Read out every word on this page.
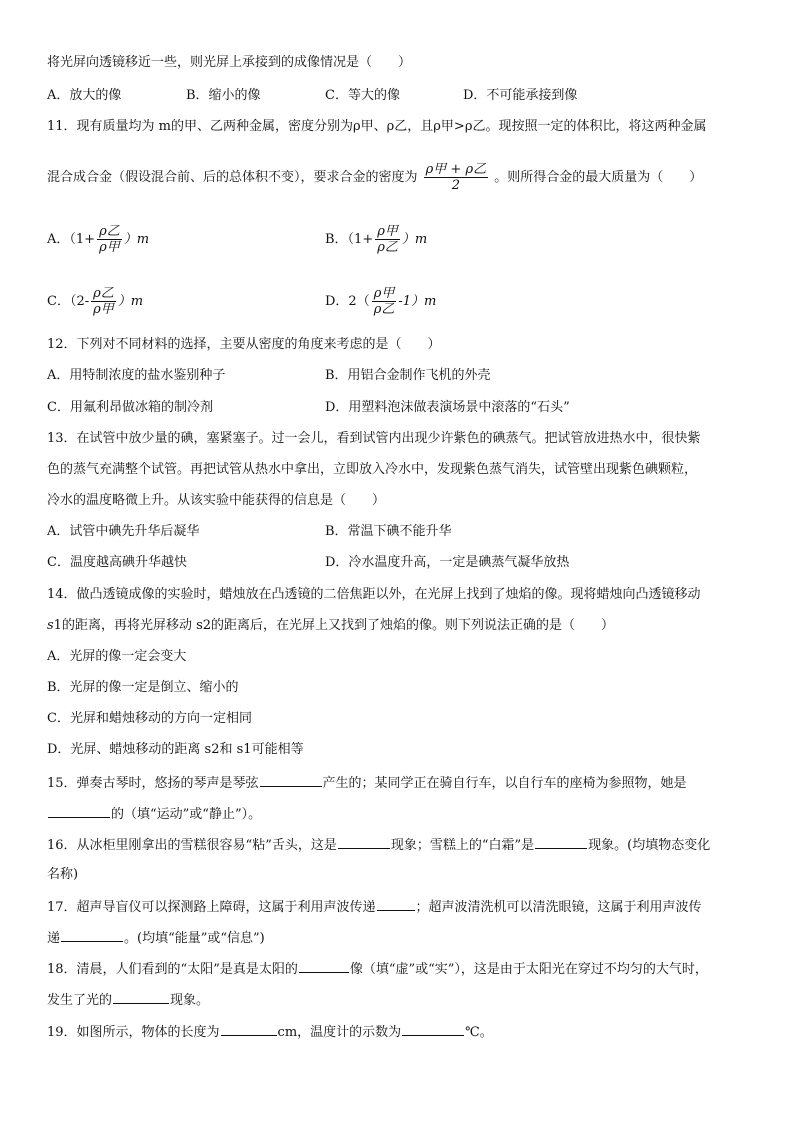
将光屏向透镜移近一些，则光屏上承接到的成像情况是（　　）
A．放大的像	B．缩小的像	C．等大的像	D．不可能承接到像
11．现有质量均为 m的甲、乙两种金属，密度分别为ρ甲、ρ乙，且ρ甲>ρ乙。现按照一定的体积比，将这两种金属
混合成合金（假设混合前、后的总体积不变），要求合金的密度为 $\frac{\text{ρ甲 + ρ乙}}{2}$ 。则所得合金的最大质量为（　　）
A．$(1+ \frac{\text{ρ乙}}{\text{ρ甲}} )m$	B．$(1+ \frac{\text{ρ甲}}{\text{ρ乙}} )m$
C．$(2- \frac{\text{ρ乙}}{\text{ρ甲}} )m$	D．$2( \frac{\text{ρ甲}}{\text{ρ乙}} -1)m$
12．下列对不同材料的选择，主要从密度的角度来考虑的是（　　）
A．用特制浓度的盐水鉴别种子	B．用铝合金制作飞机的外壳
C．用氟利昂做冰箱的制冷剂	D．用塑料泡沫做表演场景中滚落的“石头”
13．在试管中放少量的碘，塞紧塞子。过一会儿，看到试管内出现少许紫色的碘蒸气。把试管放进热水中，很快紫
色的蒸气充满整个试管。再把试管从热水中拿出，立即放入冷水中，发现紫色蒸气消失，试管壁出现紫色碘颗粒，
冷水的温度略微上升。从该实验中能获得的信息是（　　）
A．试管中碘先升华后凝华	B．常温下碘不能升华
C．温度越高碘升华越快	D．冷水温度升高，一定是碘蒸气凝华放热
14．做凸透镜成像的实验时，蜡烛放在凸透镜的二倍焦距以外，在光屏上找到了烛焰的像。现将蜡烛向凸透镜移动
s1的距离，再将光屏移动 s2的距离后，在光屏上又找到了烛焰的像。则下列说法正确的是（　　）
A．光屏的像一定会变大
B．光屏的像一定是倒立、缩小的
C．光屏和蜡烛移动的方向一定相同
D．光屏、蜡烛移动的距离 s2和 s1可能相等
15．弹奏古琴时，悠扬的琴声是琴弦	产生的；某同学正在骑自行车，以自行车的座椅为参照物，她是
的（填“运动”或“静止”）。
16．从冰柜里刚拿出的雪糕很容易“粘”舌头，这是	现象；雪糕上的“白霜”是	现象。(均填物态变化
名称)
17．超声导盲仪可以探测路上障碍，这属于利用声波传递	；超声波清洗机可以清洗眼镜，这属于利用声波传
递	。(均填“能量”或“信息”)
18．清晨，人们看到的“太阳”是真是太阳的	像（填“虚”或“实”），这是由于太阳光在穿过不均匀的大气时，
发生了光的	现象。
19．如图所示，物体的长度为	cm，温度计的示数为	℃。
